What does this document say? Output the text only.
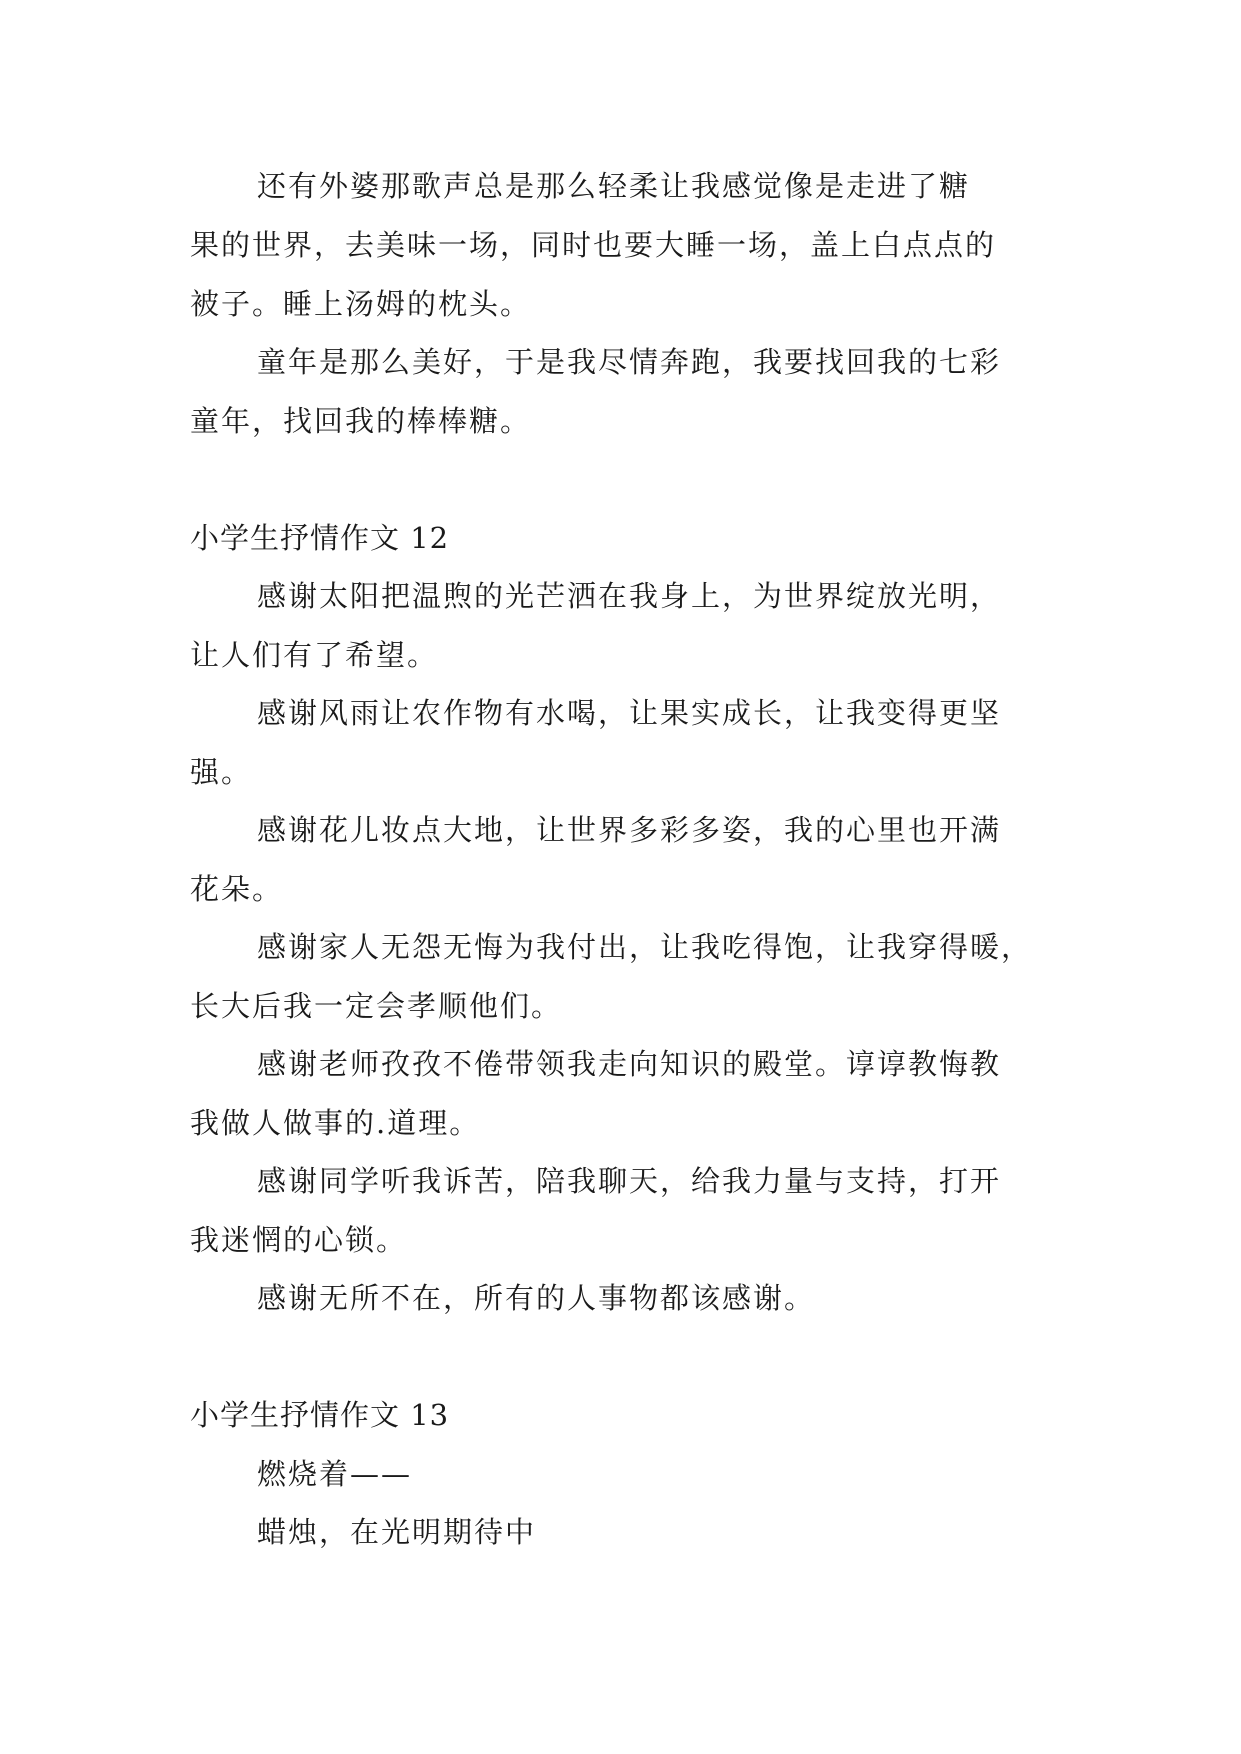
还有外婆那歌声总是那么轻柔让我感觉像是走进了糖
果的世界，去美味一场，同时也要大睡一场，盖上白点点的
被子。睡上汤姆的枕头。
童年是那么美好，于是我尽情奔跑，我要找回我的七彩
童年，找回我的棒棒糖。
小学生抒情作文 12
感谢太阳把温煦的光芒洒在我身上，为世界绽放光明，
让人们有了希望。
感谢风雨让农作物有水喝，让果实成长，让我变得更坚
强。
感谢花儿妆点大地，让世界多彩多姿，我的心里也开满
花朵。
感谢家人无怨无悔为我付出，让我吃得饱，让我穿得暖，
长大后我一定会孝顺他们。
感谢老师孜孜不倦带领我走向知识的殿堂。谆谆教悔教
我做人做事的.道理。
感谢同学听我诉苦，陪我聊天，给我力量与支持，打开
我迷惘的心锁。
感谢无所不在，所有的人事物都该感谢。
小学生抒情作文 13
燃烧着——
蜡烛，在光明期待中
